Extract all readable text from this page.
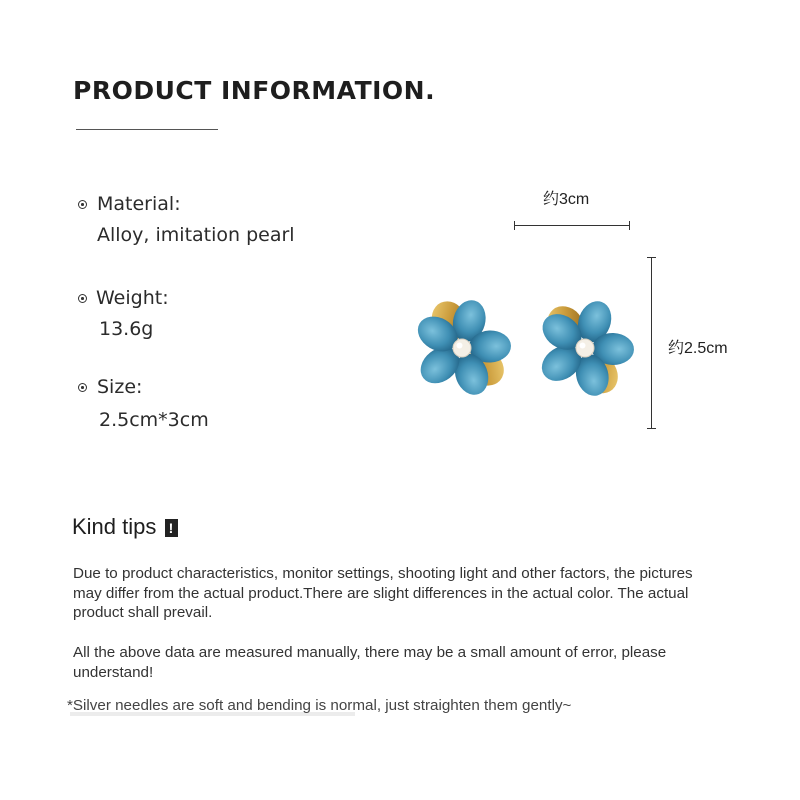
PRODUCT INFORMATION.
Material:
Alloy, imitation pearl
Weight:
13.6g
Size:
2.5cm*3cm
约3cm
约2.5cm
Kind tips !
Due to product characteristics, monitor settings, shooting light and other factors, the pictures may differ from the actual product.There are slight differences in the actual color. The actual product shall prevail.
All the above data are measured manually, there may be a small amount of error, please understand!
*Silver needles are soft and bending is normal, just straighten them gently~
